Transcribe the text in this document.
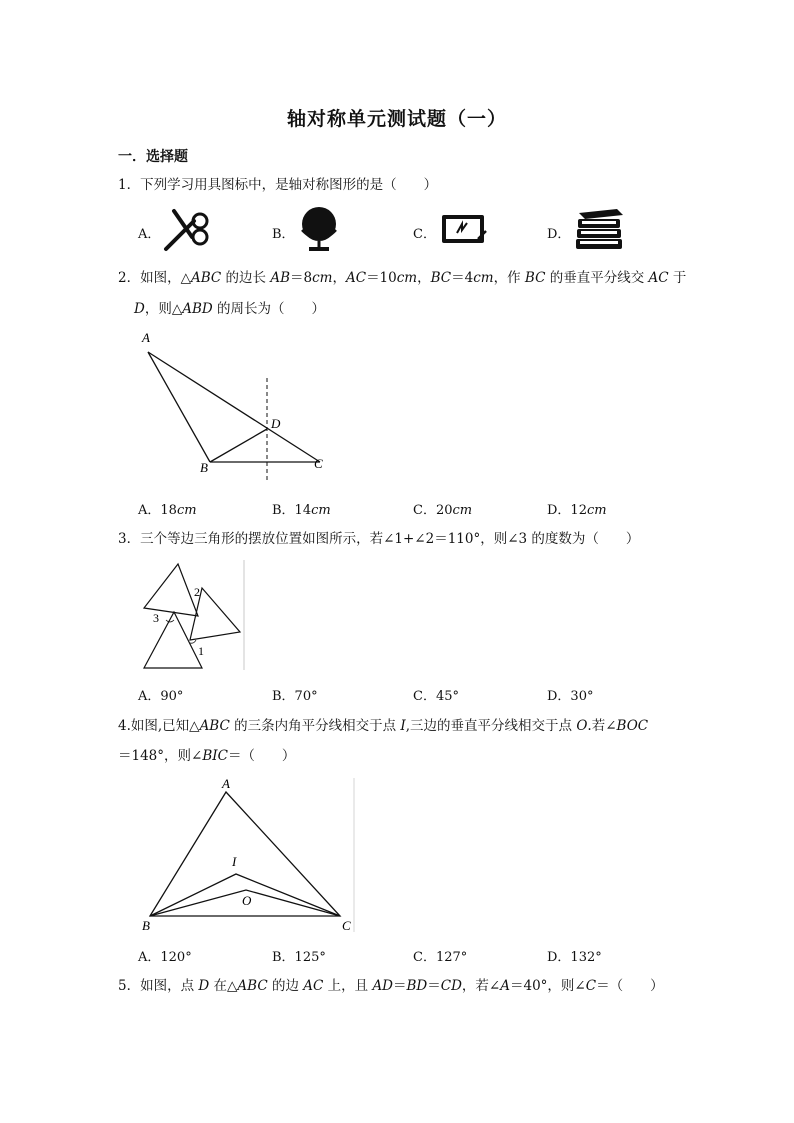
轴对称单元测试题（一）
一．选择题
1．下列学习用具图标中，是轴对称图形的是（　　）
A．	B．	C．	D．
2．如图，△ABC 的边长 AB＝8cm，AC＝10cm，BC＝4cm，作 BC 的垂直平分线交 AC 于
D，则△ABD 的周长为（　　）
A
B	C
D
A．18cm	B．14cm	C．20cm	D．12cm
3．三个等边三角形的摆放位置如图所示，若∠1+∠2＝110°，则∠3 的度数为（　　）
2
3
1
A．90°	B．70°	C．45°	D．30°
4.如图,已知△ABC 的三条内角平分线相交于点 I,三边的垂直平分线相交于点 O.若∠BOC
＝148°，则∠BIC＝（　　）
A
B	C
I
O
A．120°	B．125°	C．127°	D．132°
5．如图，点 D 在△ABC 的边 AC 上，且 AD＝BD＝CD，若∠A＝40°，则∠C＝（　　）
